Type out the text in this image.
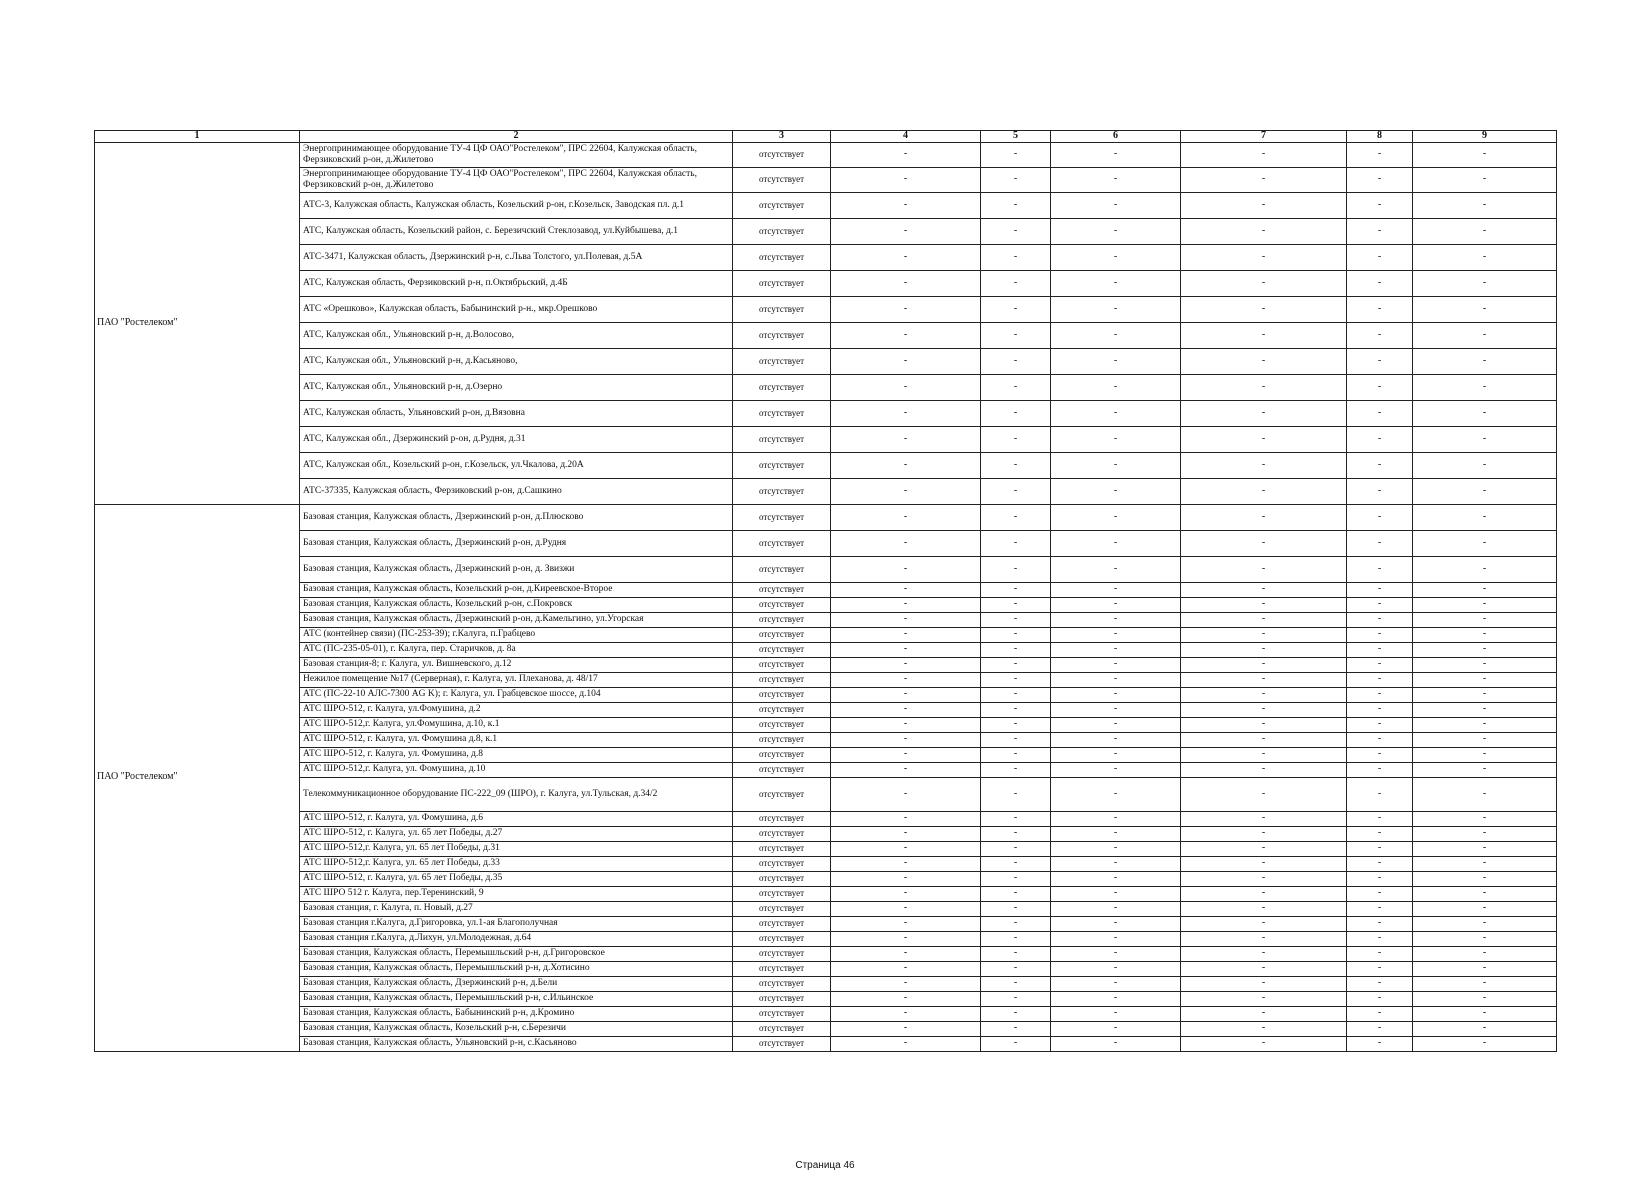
1	2	3	4	5	6	7	8	9
ПАО "Ростелеком"	Энергопринимающее оборудование ТУ-4 ЦФ ОАО"Ростелеком", ПРС 22604, Калужская область, Ферзиковский р-он, д.Жилетово	отсутствует	-	-	-	-	-	-
	Энергопринимающее оборудование ТУ-4 ЦФ ОАО"Ростелеком", ПРС 22604, Калужская область, Ферзиковский р-он, д.Жилетово	отсутствует	-	-	-	-	-	-
	АТС-3, Калужская область, Калужская область, Козельский р-он, г.Козельск, Заводская пл. д.1	отсутствует	-	-	-	-	-	-
	АТС, Калужская область, Козельский район, с. Березичский Стеклозавод, ул.Куйбышева, д.1	отсутствует	-	-	-	-	-	-
	АТС-3471, Калужская область, Дзержинский р-н, с.Льва Толстого, ул.Полевая, д.5А	отсутствует	-	-	-	-	-	-
	АТС, Калужская область, Ферзиковский р-н, п.Октябрьский, д.4Б	отсутствует	-	-	-	-	-	-
	АТС «Орешково», Калужская область, Бабынинский р-н., мкр.Орешково	отсутствует	-	-	-	-	-	-
	АТС, Калужская обл., Ульяновский р-н, д.Волосово,	отсутствует	-	-	-	-	-	-
	АТС, Калужская обл., Ульяновский р-н, д.Касьяново,	отсутствует	-	-	-	-	-	-
	АТС, Калужская обл., Ульяновский р-н, д.Озерно	отсутствует	-	-	-	-	-	-
	АТС, Калужская область, Ульяновский р-он, д.Вязовна	отсутствует	-	-	-	-	-	-
	АТС, Калужская обл., Дзержинский р-он, д.Рудня, д.31	отсутствует	-	-	-	-	-	-
	АТС, Калужская обл., Козельский р-он, г.Козельск, ул.Чкалова, д.20А	отсутствует	-	-	-	-	-	-
	АТС-37335, Калужская область, Ферзиковский р-он, д.Сашкино	отсутствует	-	-	-	-	-	-
ПАО "Ростелеком"	Базовая станция, Калужская область, Дзержинский р-он, д.Плюсково	отсутствует	-	-	-	-	-	-
	Базовая станция, Калужская область, Дзержинский р-он, д.Рудня	отсутствует	-	-	-	-	-	-
	Базовая станция, Калужская область, Дзержинский р-он, д. Звизжи	отсутствует	-	-	-	-	-	-
	Базовая станция, Калужская область, Козельский р-он, д.Киреевское-Второе	отсутствует	-	-	-	-	-	-
	Базовая станция, Калужская область, Козельский р-он, с.Покровск	отсутствует	-	-	-	-	-	-
	Базовая станция, Калужская область, Дзержинский р-он, д.Камельгино, ул.Угорская	отсутствует	-	-	-	-	-	-
	АТС (контейнер связи) (ПС-253-39); г.Калуга, п.Грабцево	отсутствует	-	-	-	-	-	-
	АТС (ПС-235-05-01), г. Калуга, пер. Старичков, д. 8а	отсутствует	-	-	-	-	-	-
	Базовая станция-8; г. Калуга, ул. Вишневского, д.12	отсутствует	-	-	-	-	-	-
	Нежилое помещение №17 (Серверная), г. Калуга, ул. Плеханова, д. 48/17	отсутствует	-	-	-	-	-	-
	АТС (ПС-22-10 АЛС-7300 AG K); г. Калуга, ул. Грабцевское шоссе, д.104	отсутствует	-	-	-	-	-	-
	АТС ШРО-512, г. Калуга, ул.Фомушина, д.2	отсутствует	-	-	-	-	-	-
	АТС ШРО-512,г. Калуга, ул.Фомушина, д.10, к.1	отсутствует	-	-	-	-	-	-
	АТС ШРО-512, г. Калуга, ул. Фомушина д.8, к.1	отсутствует	-	-	-	-	-	-
	АТС ШРО-512, г. Калуга, ул. Фомушина, д.8	отсутствует	-	-	-	-	-	-
	АТС ШРО-512,г. Калуга, ул. Фомушина, д.10	отсутствует	-	-	-	-	-	-
	Телекоммуникационное оборудование ПС-222_09 (ШРО), г. Калуга, ул.Тульская, д.34/2	отсутствует	-	-	-	-	-	-
	АТС ШРО-512, г. Калуга, ул. Фомушина, д.6	отсутствует	-	-	-	-	-	-
	АТС ШРО-512, г. Калуга, ул. 65 лет Победы, д.27	отсутствует	-	-	-	-	-	-
	АТС ШРО-512,г. Калуга, ул. 65 лет Победы, д.31	отсутствует	-	-	-	-	-	-
	АТС ШРО-512,г. Калуга, ул. 65 лет Победы, д.33	отсутствует	-	-	-	-	-	-
	АТС ШРО-512, г. Калуга, ул. 65 лет Победы, д.35	отсутствует	-	-	-	-	-	-
	АТС ШРО 512 г. Калуга, пер.Теренинский, 9	отсутствует	-	-	-	-	-	-
	Базовая станция, г. Калуга, п. Новый, д.27	отсутствует	-	-	-	-	-	-
	Базовая станция г.Калуга, д.Григоровка, ул.1-ая Благополучная	отсутствует	-	-	-	-	-	-
	Базовая станция г.Калуга, д.Лихун, ул.Молодежная, д.64	отсутствует	-	-	-	-	-	-
	Базовая станция, Калужская область, Перемышльский р-н, д.Григоровское	отсутствует	-	-	-	-	-	-
	Базовая станция, Калужская область, Перемышльский р-н, д.Хотисино	отсутствует	-	-	-	-	-	-
	Базовая станция, Калужская область, Дзержинский р-н, д.Бели	отсутствует	-	-	-	-	-	-
	Базовая станция, Калужская область, Перемышльский р-н, с.Ильинское	отсутствует	-	-	-	-	-	-
	Базовая станция, Калужская область, Бабынинский р-н, д.Кромино	отсутствует	-	-	-	-	-	-
	Базовая станция, Калужская область, Козельский р-н, с.Березичи	отсутствует	-	-	-	-	-	-
	Базовая станция, Калужская область, Ульяновский р-н, с.Касьяново	отсутствует	-	-	-	-	-	-
Страница 46
